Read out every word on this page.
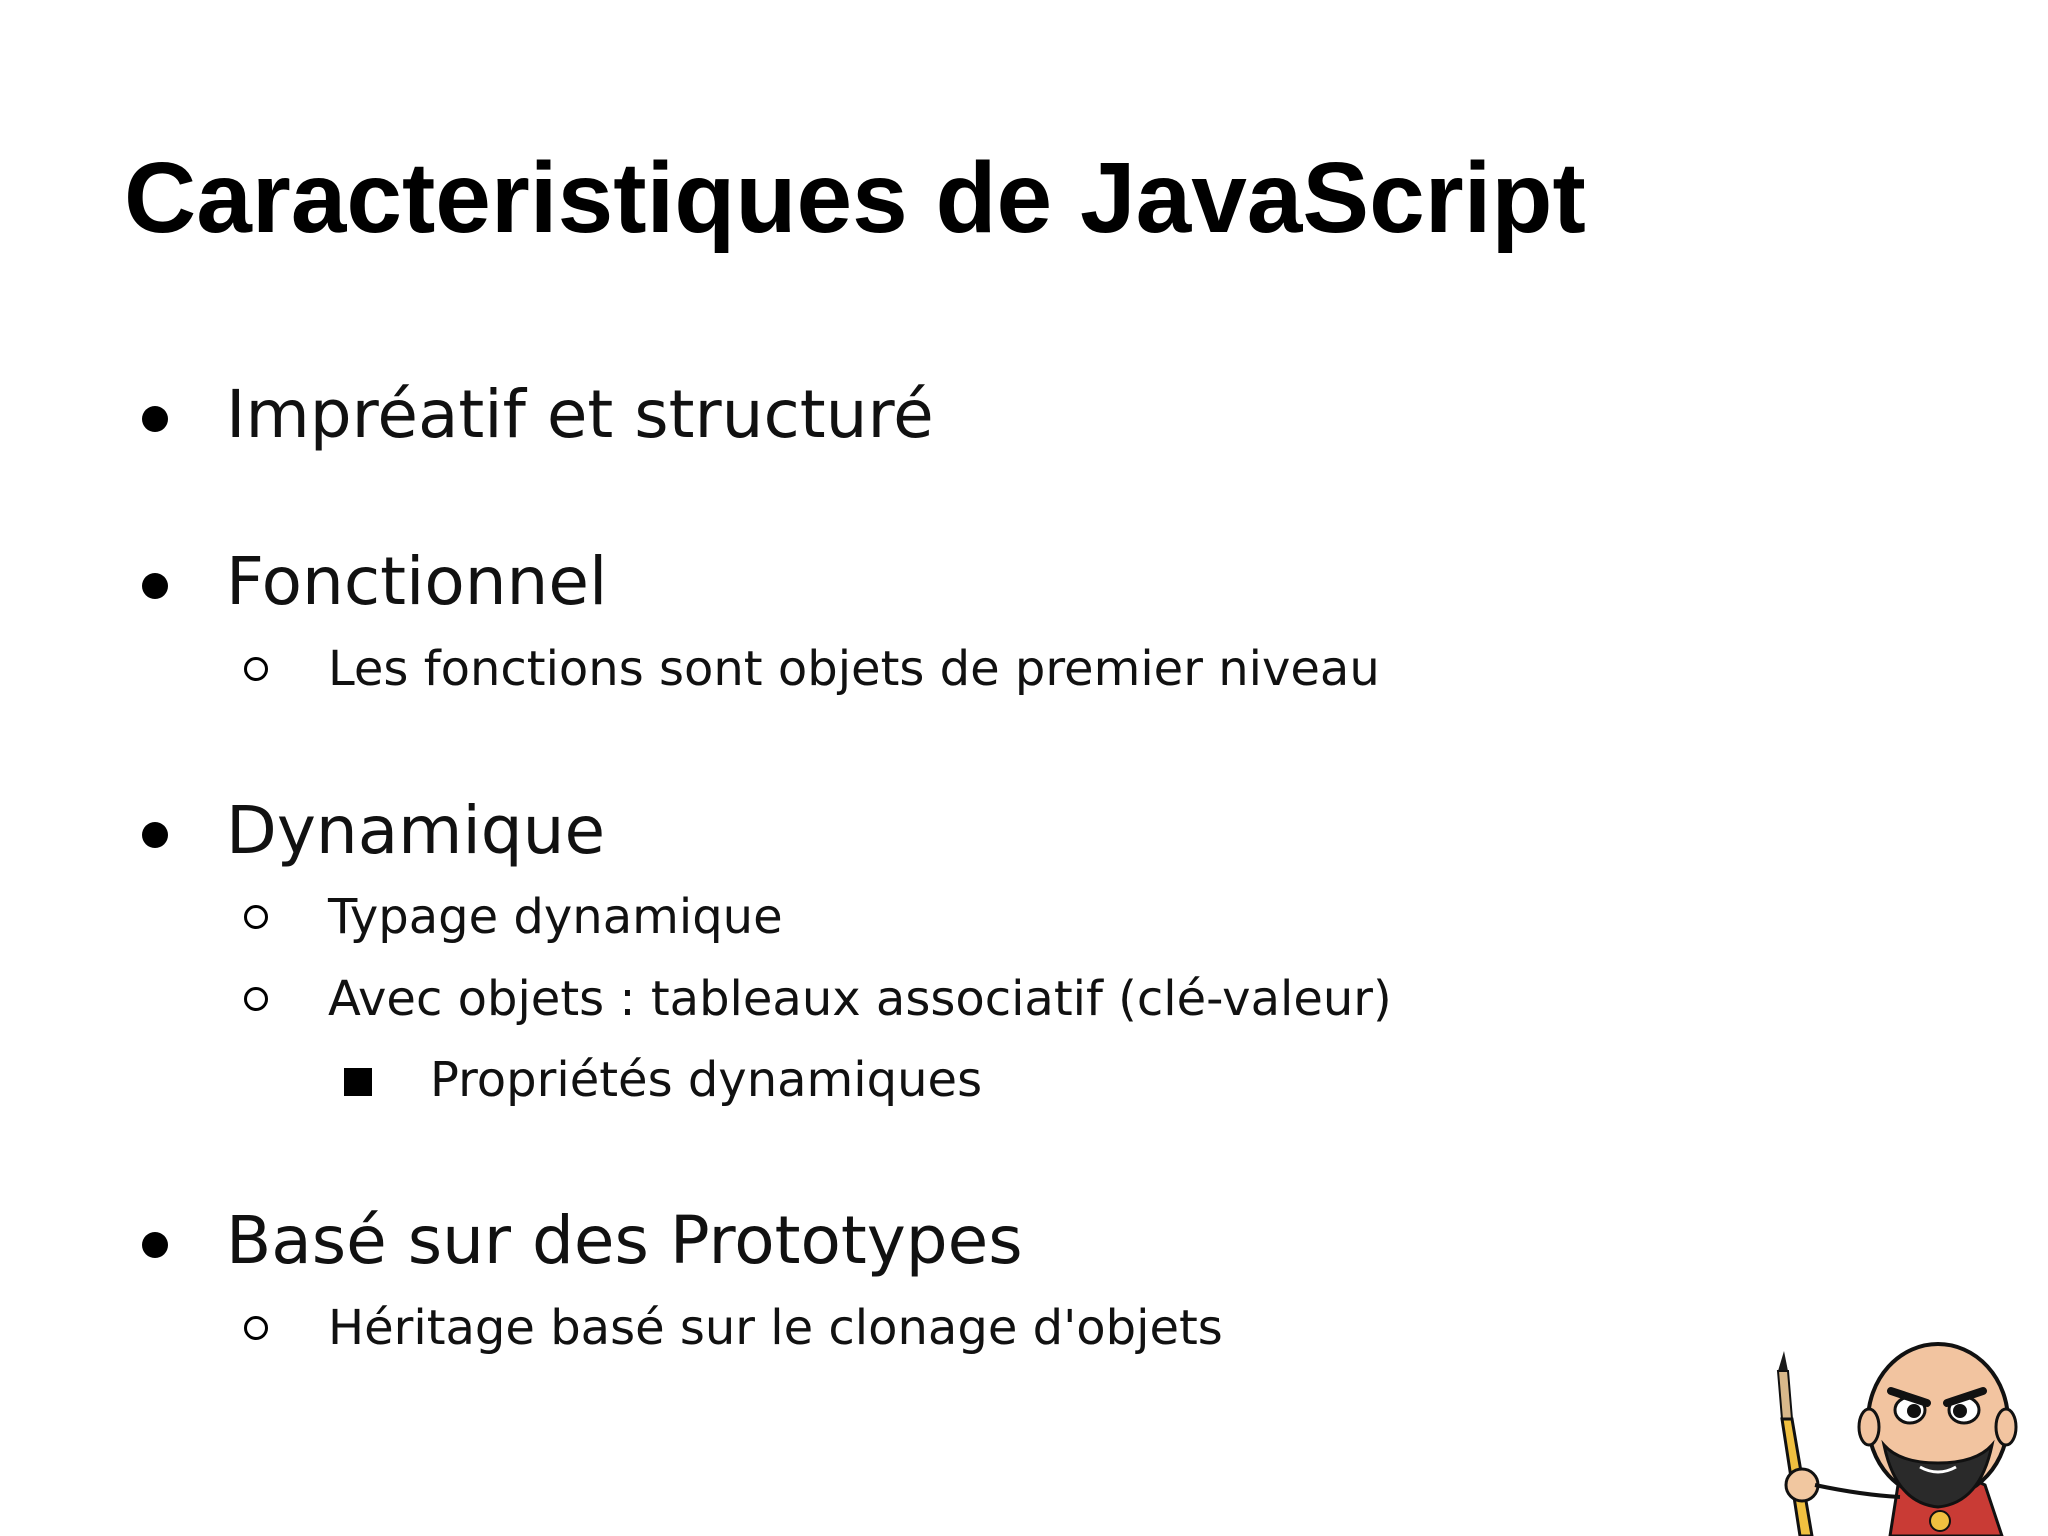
Caracteristiques de JavaScript
Impréatif et structuré
Fonctionnel
Les fonctions sont objets de premier niveau
Dynamique
Typage dynamique
Avec objets : tableaux associatif (clé-valeur)
Propriétés dynamiques
Basé sur des Prototypes
Héritage basé sur le clonage d'objets
